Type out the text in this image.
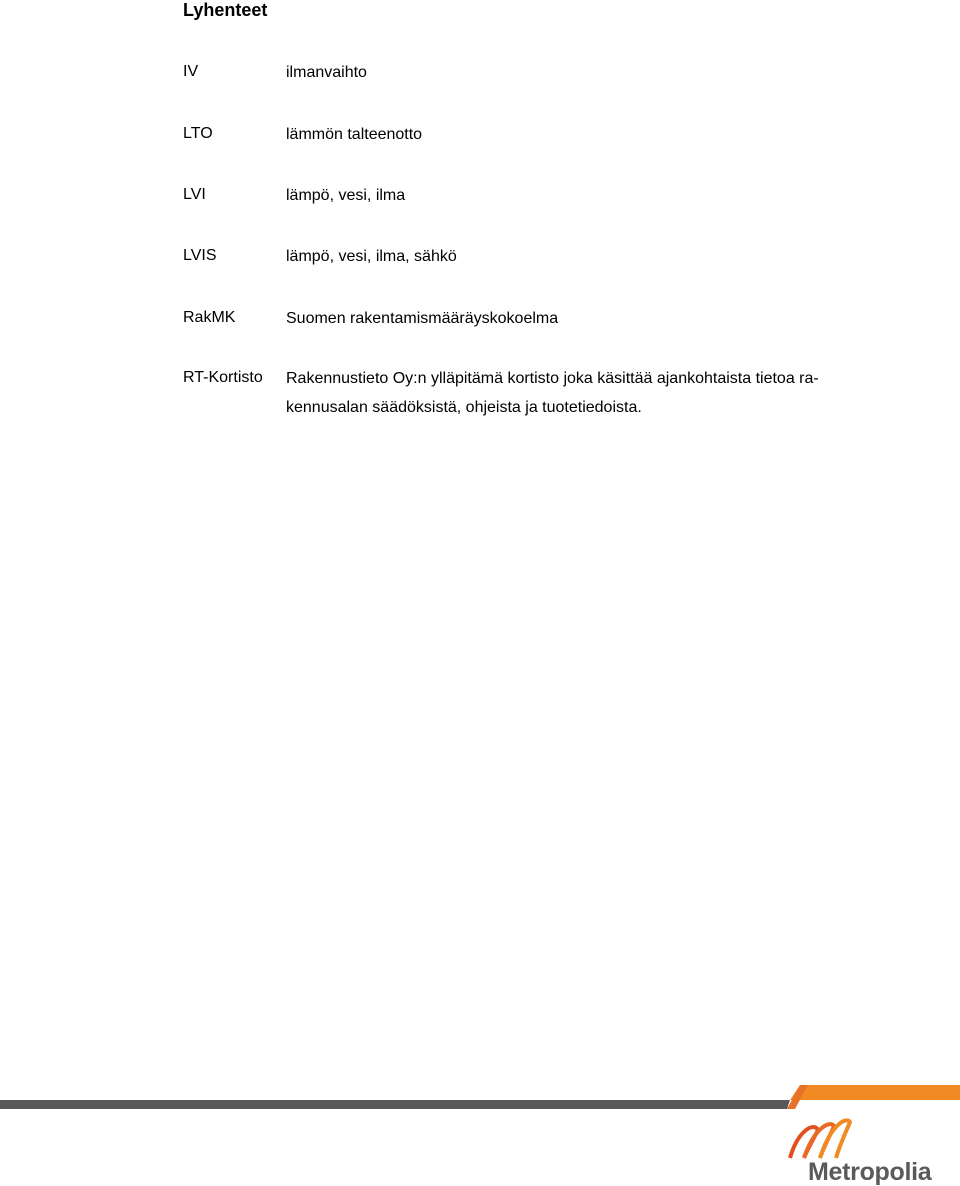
Lyhenteet
IV	ilmanvaihto
LTO	lämmön talteenotto
LVI	lämpö, vesi, ilma
LVIS	lämpö, vesi, ilma, sähkö
RakMK	Suomen rakentamismääräyskokoelma
RT-Kortisto Rakennustieto Oy:n ylläpitämä kortisto joka käsittää ajankohtaista tietoa ra-kennusalan säädöksistä, ohjeista ja tuotetiedoista.
Metropolia
